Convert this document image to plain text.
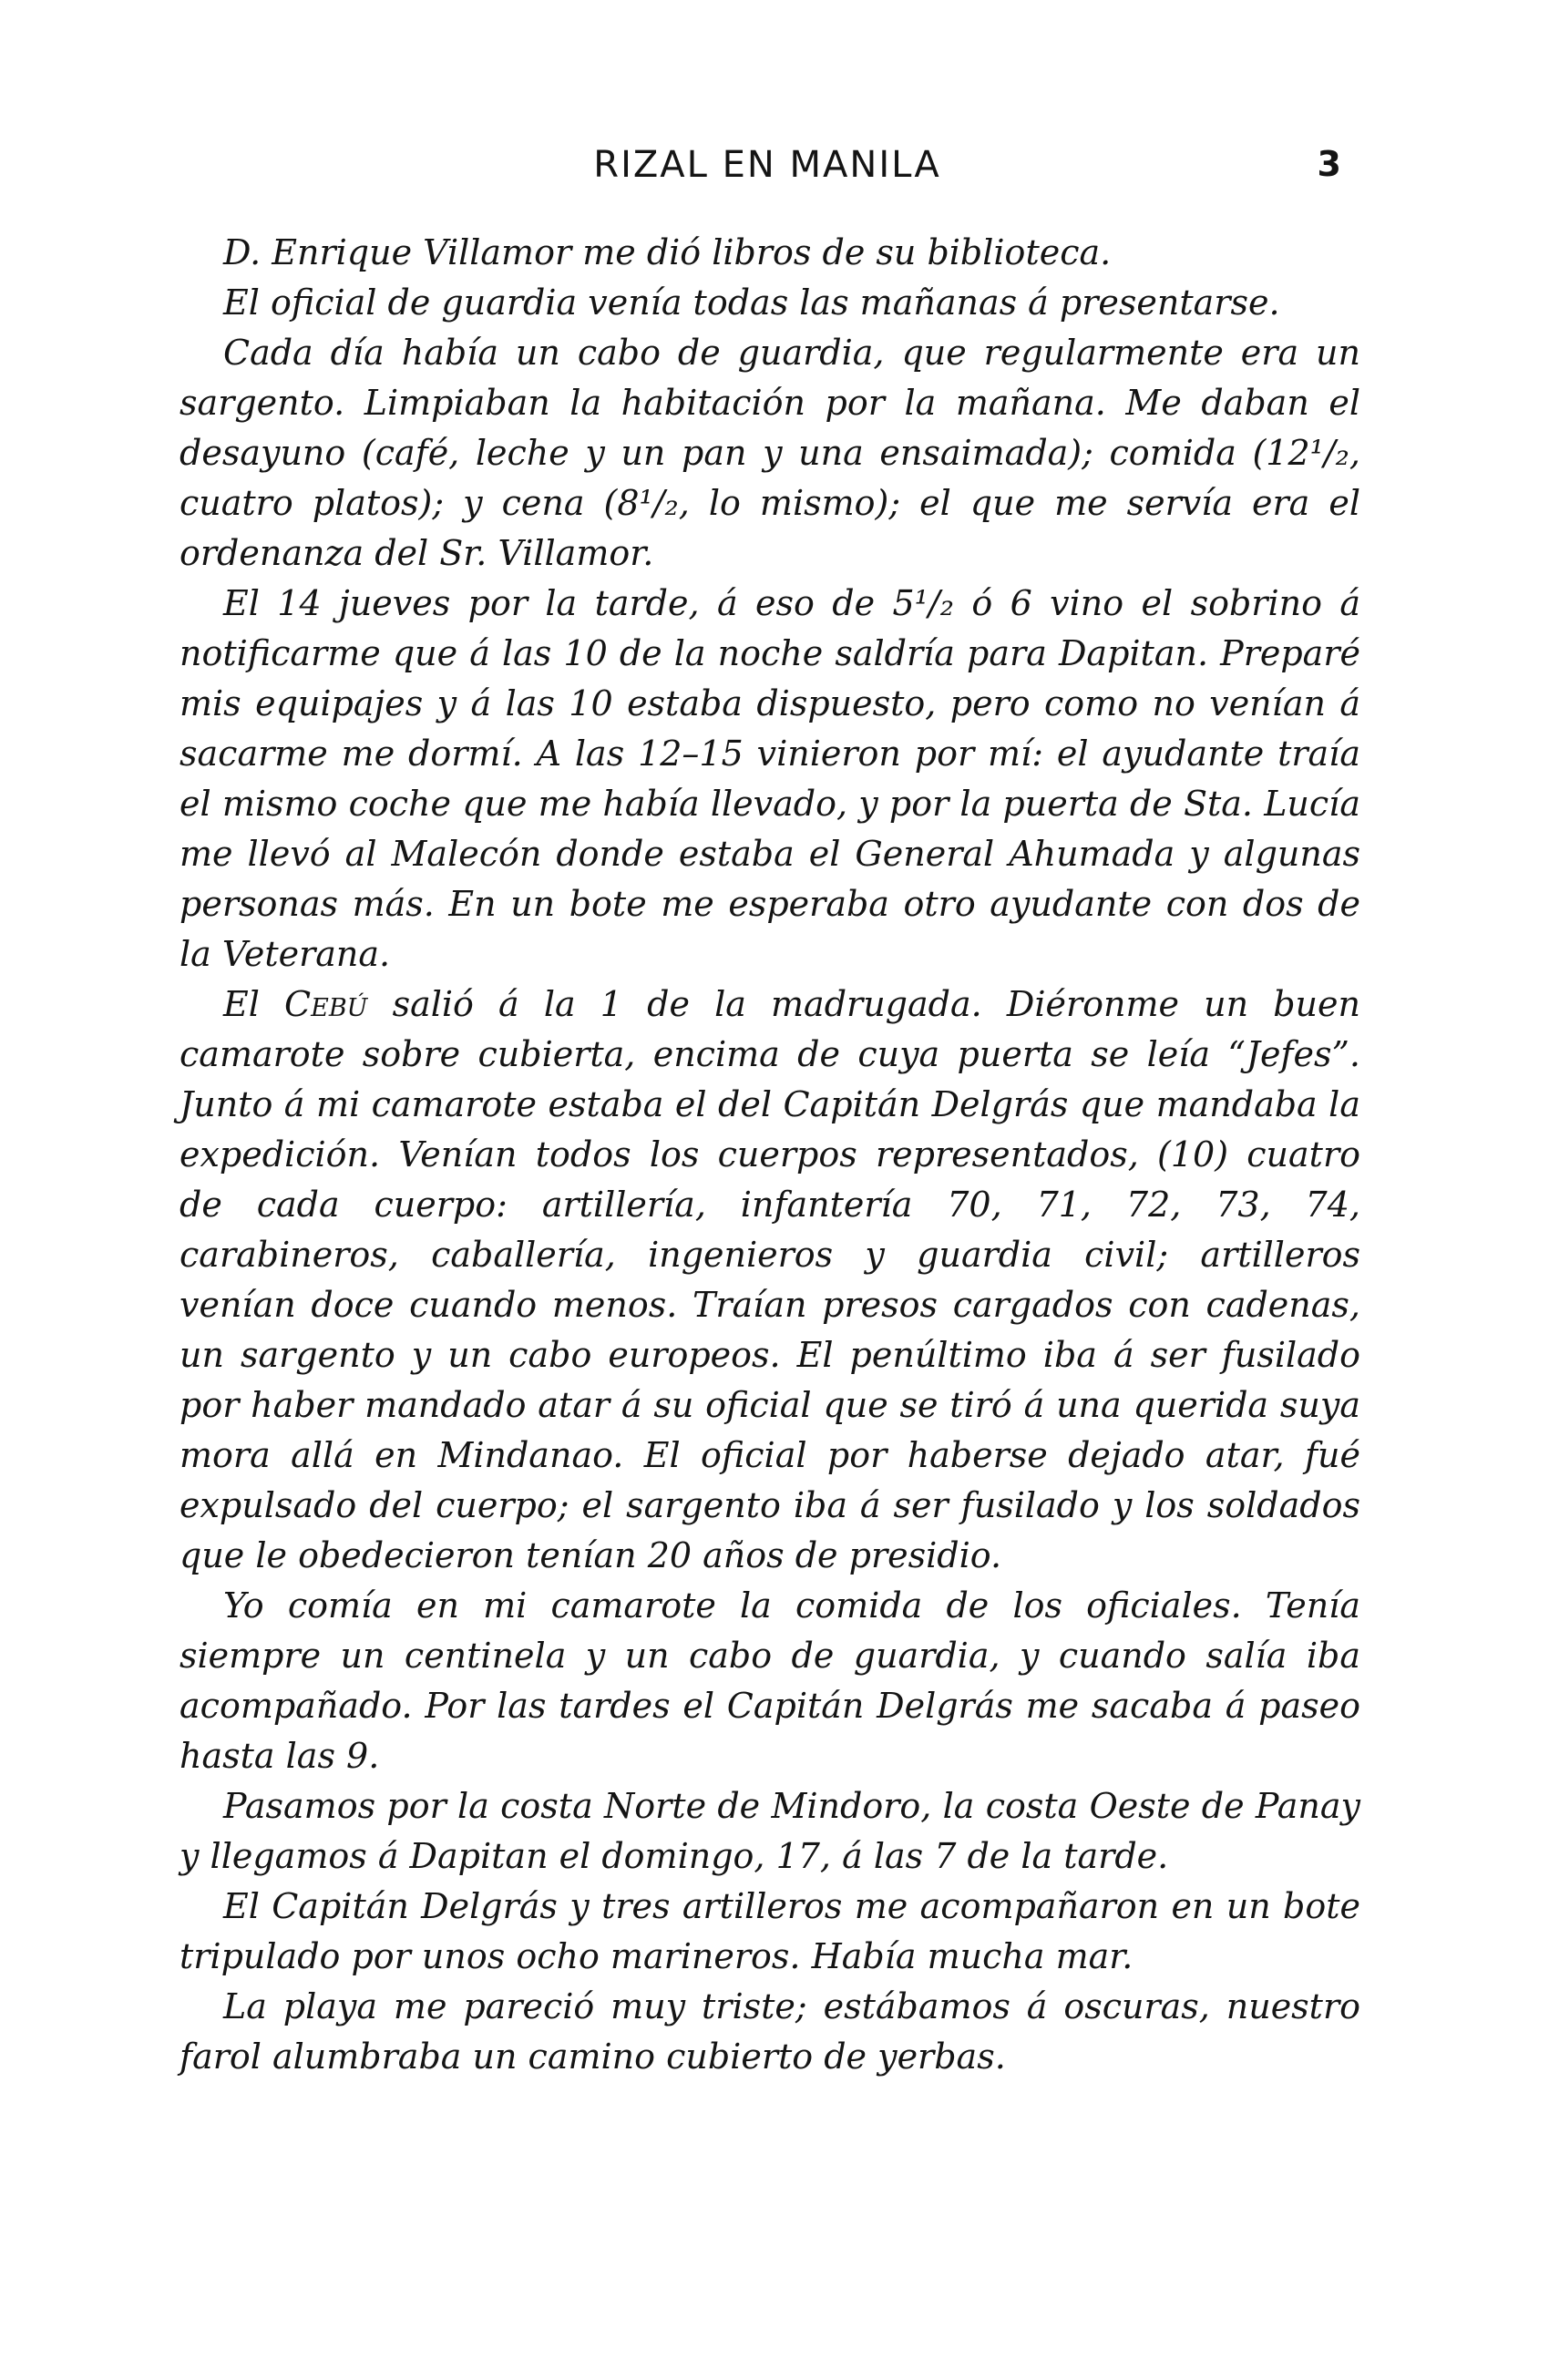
RIZAL EN MANILA	3

D. Enrique Villamor me dió libros de su biblioteca.

El oficial de guardia venía todas las mañanas á presentarse.

Cada día había un cabo de guardia, que regularmente era un sargento. Limpiaban la habitación por la mañana. Me daban el desayuno (café, leche y un pan y una ensaimada); comida (12¹/₂, cuatro platos); y cena (8¹/₂, lo mismo); el que me servía era el ordenanza del Sr. Villamor.

El 14 jueves por la tarde, á eso de 5¹/₂ ó 6 vino el sobrino á notificarme que á las 10 de la noche saldría para Dapitan. Preparé mis equipajes y á las 10 estaba dispuesto, pero como no venían á sacarme me dormí. A las 12–15 vinieron por mí: el ayudante traía el mismo coche que me había llevado, y por la puerta de Sta. Lucía me llevó al Malecón donde estaba el General Ahumada y algunas personas más. En un bote me esperaba otro ayudante con dos de la Veterana.

El Cebú salió á la 1 de la madrugada. Diéronme un buen camarote sobre cubierta, encima de cuya puerta se leía “Jefes”. Junto á mi camarote estaba el del Capitán Delgrás que mandaba la expedición. Venían todos los cuerpos representados, (10) cuatro de cada cuerpo: artillería, infantería 70, 71, 72, 73, 74, carabineros, caballería, ingenieros y guardia civil; artilleros venían doce cuando menos. Traían presos cargados con cadenas, un sargento y un cabo europeos. El penúltimo iba á ser fusilado por haber mandado atar á su oficial que se tiró á una querida suya mora allá en Mindanao. El oficial por haberse dejado atar, fué expulsado del cuerpo; el sargento iba á ser fusilado y los soldados que le obedecieron tenían 20 años de presidio.

Yo comía en mi camarote la comida de los oficiales. Tenía siempre un centinela y un cabo de guardia, y cuando salía iba acompañado. Por las tardes el Capitán Delgrás me sacaba á paseo hasta las 9.

Pasamos por la costa Norte de Mindoro, la costa Oeste de Panay y llegamos á Dapitan el domingo, 17, á las 7 de la tarde.

El Capitán Delgrás y tres artilleros me acompañaron en un bote tripulado por unos ocho marineros. Había mucha mar.

La playa me pareció muy triste; estábamos á oscuras, nuestro farol alumbraba un camino cubierto de yerbas.
